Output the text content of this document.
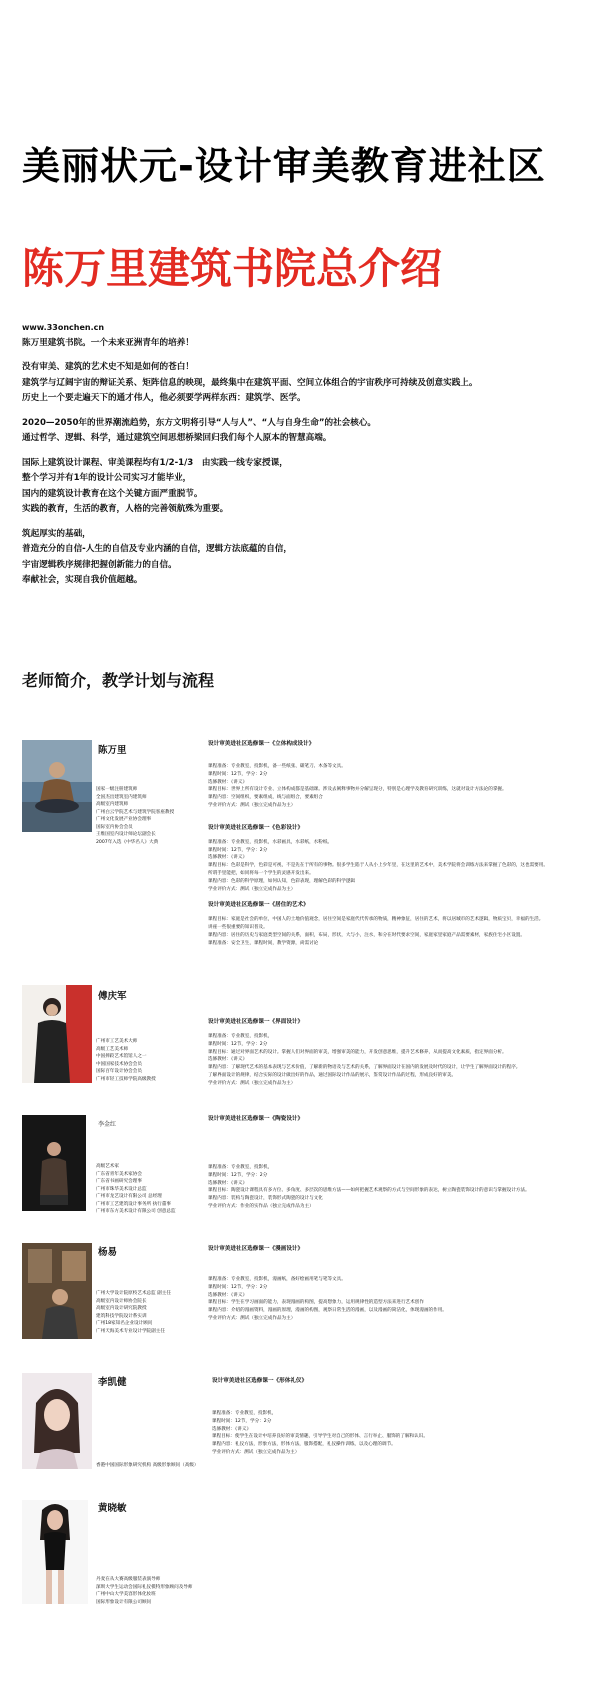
美丽状元-设计审美教育进社区
陈万里建筑书院总介绍
www.33onchen.cn
陈万里建筑书院。一个未来亚洲青年的培养！
没有审美、建筑的艺术史不知是如何的苍白！
建筑学与辽阔宇宙的辩证关系、矩阵信息的映现，最终集中在建筑平面、空间立体组合的宇宙秩序可持续及创意实践上。
历史上一个要走遍天下的通才伟人，他必须要学两样东西：建筑学、医学。
2020—2050年的世界潮流趋势，东方文明将引导“人与人”、“人与自身生命”的社会核心。
通过哲学、逻辑、科学，通过建筑空间思想桥梁回归我们每个人原本的智慧高端。
国际上建筑设计课程、审美课程均有1/2-1/3　由实践一线专家授课，
整个学习并有1年的设计公司实习才能毕业，
国内的建筑设计教育在这个关键方面严重脱节。
实践的教育，生活的教育，人格的完善领航殊为重要。
筑起厚实的基础，
普造充分的自信-人生的自信及专业内涵的自信，逻辑方法底蕴的自信，
宇宙逻辑秩序规律把握创新能力的自信。
奉献社会，实现自我价值超越。
老师简介，教学计划与流程
陈万里
国家一级注册建筑师
全国杰出建筑室内建筑师
高级室内建筑师
广州白云学院艺术与建筑学院客座教授
广州文化发展产业协会理事
国际室内协会会员
王维国室内设计师论坛副会长
2007年入选《中华名人》大典
设计审美进社区选修课一《立体构成设计》
课程准备：专业教室，投影机，备一些纸张、碳笔刀、木条等文具。
课程时间：12节，学分：2分
选修教材：《讲义》
课程目标：世界上所有设计专业、立体构成都是基础课。涉及去阐释事物并分解呈现分，特别是心理学及教育研究训练，这就对设计方法论的掌握。
课程内容：空间组织，要素组成，线与面组合，要素组合
学业评价方式：测试（独立完成作品为主）
设计审美进社区选修课一《色彩设计》
课程准备：专业教室，投影机，水彩画具，水彩纸，水粉纸。
课程时间：12节，学分：2分
选修教材：《讲义》
课程目标：色彩是科学，色彩是可视，不是先在于所有的事物。很多学生陷于人从小上少年里，在这里的艺术中，美术学院将会训练方法来掌握了色彩的，这也需要用。
所谓手里能把，如同将每一个学生的灵感开发出来。
课程内容：色彩的科学原理，如何认知，色彩表现，理解色彩的科学逻辑
学业评价方式：测试（独立完成作品为主）
设计审美进社区选修课一《居住的艺术》
课程目标：家庭是社会的单位，中国人的土地价值观念，居住空间是家庭代代传承的物质，精神象征，居住的艺术，将以居城市的艺术逻辑，物质宝贝，幸福的生活。
讲座一些很重要的知识普及。
课程内容：居住的历史与家庭类型空间的关系，面积，布局，形状，大与小，注水，和分在时代要求空间，家庭家里家庭产品需要素材，家族住宅小区设置。
课程准备：安全卫生，课程时间，教学资源，尚需讨论
傅庆军
广州市工艺美术大师
高级工艺美术师
中国摔跤艺术馆馆人之一
中国国家技术协会会员
国际百年设计协会会员
广州市轻工技师学院高级教授
设计审美进社区选修课一《界面设计》
课程准备：专业教室，投影机，
课程时间：12节，学分：2分
课程目标：通过对界面艺术的设计。掌握人们对界面的审美，增强审美的能力，开发创意思维，提升艺术修养，从而提高文化素质，指定界面分析。
选修教材：《讲义》
课程内容：了解现代艺术的基本表现与艺术价值，了解新的物语及与艺术的关系，了解界面设计在国内的发展及时代的设计，让学生了解界面设计的程序。
了解界面设计的规律，结合实际的设计做出好的作品，通过国际设计作品的展示，鉴赏设计作品的过程，形成良好的审美。
学业评价方式：测试（独立完成作品为主）
李金红
高级艺术家
广东省青年美术家协会
广东省书画研究会理事
广州市珠华美术设计总监
广州市龙艺设计有限公司 总经理
广州市工艺建筑设计事务所 执行董事
广州市东方美术设计有限公司 创意总监
设计审美进社区选修课一《陶瓷设计》
课程准备：专业教室，投影机，
课程时间：12节，学分：2分
选修教材：《讲义》
课程目标：陶瓷设计课程具有多方位、多角度、多层次的思维方法——如何把握艺术观察的方式与空间形象的表达，树立陶瓷装饰设计的意识与掌握设计方法。
课程内容：装构与陶瓷设计，装饰形式陶瓷的设计与文化
学业评价方式：作业的实作品（独立完成作品为主）
杨易
广州大学设计院原校艺术总监 副主任
高级室内设计师协会院长
高级室内设计研究院教授
建筑科技学院设计系实训
广州18家知名企业设计顾问
广州天海美术专业设计学院副主任
设计审美进社区选修课一《漫画设计》
课程准备：专业教室，投影机，漫画纸，备好绘画用笔与笔等文具。
课程时间：12节，学分：2分
选修教材：《讲义》
课程目标：学生在学习画面的能力，表现漫画的构图，提高想象力，运用规律性的造型方法来进行艺术创作
课程内容：介绍的漫画资料，漫画的原理，漫画的构图，观察日常生活的漫画，以及漫画的简洁化，体现漫画的作用。
学业评价方式：测试（独立完成作品为主）
李凯健
香港中国国际形象研究机构 高级形象顾问（高级）
设计审美进社区选修课一《形体礼仪》
课程准备：专业教室，投影机，
课程时间：12节，学分：2分
选修教材：《讲义》
课程目标：使学生在设计中培养良好的审美情趣，引导学生对自己的形体、言行举止、服饰的了解和认识。
课程内容：礼仪方法，形象方法，形体方法，服饰搭配，礼仪操作训练，以及心理的调节。
学业评价方式：测试（独立完成作品为主）
黄晓敏
丹麦在从大赛高级服装表演导师
深圳大学生运动会国际礼仪模特形象顾问及导师
广州中山大学美容形体化妆班
国际形象设计有限公司顾问
